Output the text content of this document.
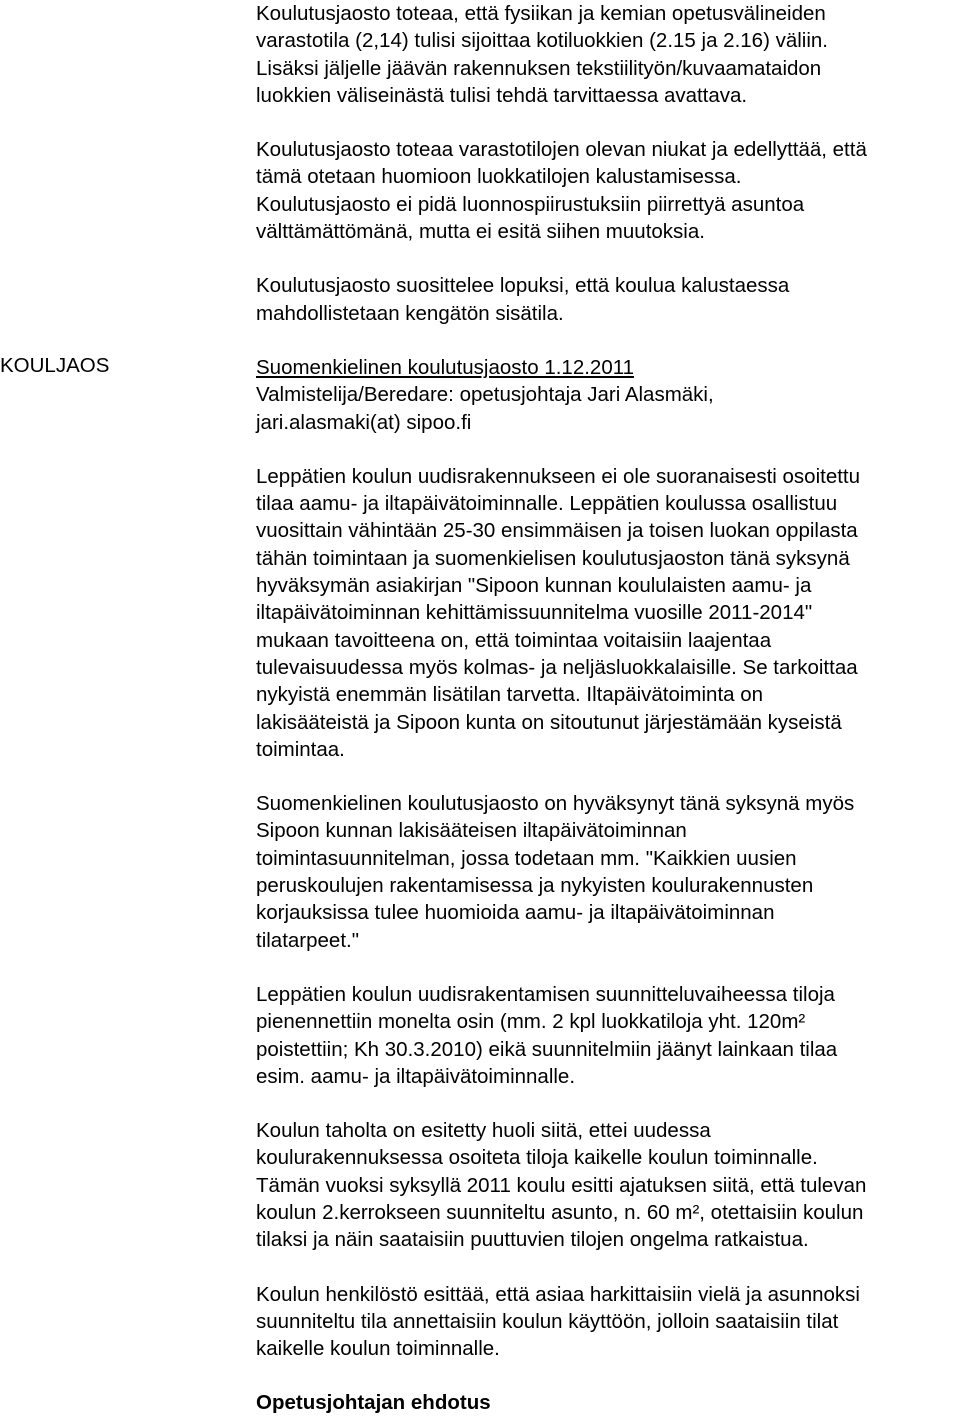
KOULJAOS

Koulutusjaosto toteaa, että fysiikan ja kemian opetusvälineiden

varastotila (2,14) tulisi sijoittaa kotiluokkien (2.15 ja 2.16) väliin.

Lisäksi jäljelle jäävän rakennuksen tekstiilityön/kuvaamataidon

luokkien väliseinästä tulisi tehdä tarvittaessa avattava.

Koulutusjaosto toteaa varastotilojen olevan niukat ja edellyttää, että

tämä otetaan huomioon luokkatilojen kalustamisessa.

Koulutusjaosto ei pidä luonnospiirustuksiin piirrettyä asuntoa

välttämättömänä, mutta ei esitä siihen muutoksia.

Koulutusjaosto suosittelee lopuksi, että koulua kalustaessa

mahdollistetaan kengätön sisätila.

Suomenkielinen koulutusjaosto 1.12.2011

Valmistelija/Beredare: opetusjohtaja Jari Alasmäki,

jari.alasmaki(at) sipoo.fi

Leppätien koulun uudisrakennukseen ei ole suoranaisesti osoitettu

tilaa aamu- ja iltapäivätoiminnalle. Leppätien koulussa osallistuu

vuosittain vähintään 25-30 ensimmäisen ja toisen luokan oppilasta

tähän toimintaan ja suomenkielisen koulutusjaoston tänä syksynä

hyväksymän asiakirjan "Sipoon kunnan koululaisten aamu- ja

iltapäivätoiminnan kehittämissuunnitelma vuosille 2011-2014"

mukaan tavoitteena on, että toimintaa voitaisiin laajentaa

tulevaisuudessa myös kolmas- ja neljäsluokkalaisille. Se tarkoittaa

nykyistä enemmän lisätilan tarvetta. Iltapäivätoiminta on

lakisääteistä ja Sipoon kunta on sitoutunut järjestämään kyseistä

toimintaa.

Suomenkielinen koulutusjaosto on hyväksynyt tänä syksynä myös

Sipoon kunnan lakisääteisen iltapäivätoiminnan

toimintasuunnitelman, jossa todetaan mm. "Kaikkien uusien

peruskoulujen rakentamisessa ja nykyisten koulurakennusten

korjauksissa tulee huomioida aamu- ja iltapäivätoiminnan

tilatarpeet."

Leppätien koulun uudisrakentamisen suunnitteluvaiheessa tiloja

pienennettiin monelta osin (mm. 2 kpl luokkatiloja yht. 120m²

poistettiin; Kh 30.3.2010) eikä suunnitelmiin jäänyt lainkaan tilaa

esim. aamu- ja iltapäivätoiminnalle.

Koulun taholta on esitetty huoli siitä, ettei uudessa

koulurakennuksessa osoiteta tiloja kaikelle koulun toiminnalle.

Tämän vuoksi syksyllä 2011 koulu esitti ajatuksen siitä, että tulevan

koulun 2.kerrokseen suunniteltu asunto, n. 60 m², otettaisiin koulun

tilaksi ja näin saataisiin puuttuvien tilojen ongelma ratkaistua.

Koulun henkilöstö esittää, että asiaa harkittaisiin vielä ja asunnoksi

suunniteltu tila annettaisiin koulun käyttöön, jolloin saataisiin tilat

kaikelle koulun toiminnalle.

Opetusjohtajan ehdotus
